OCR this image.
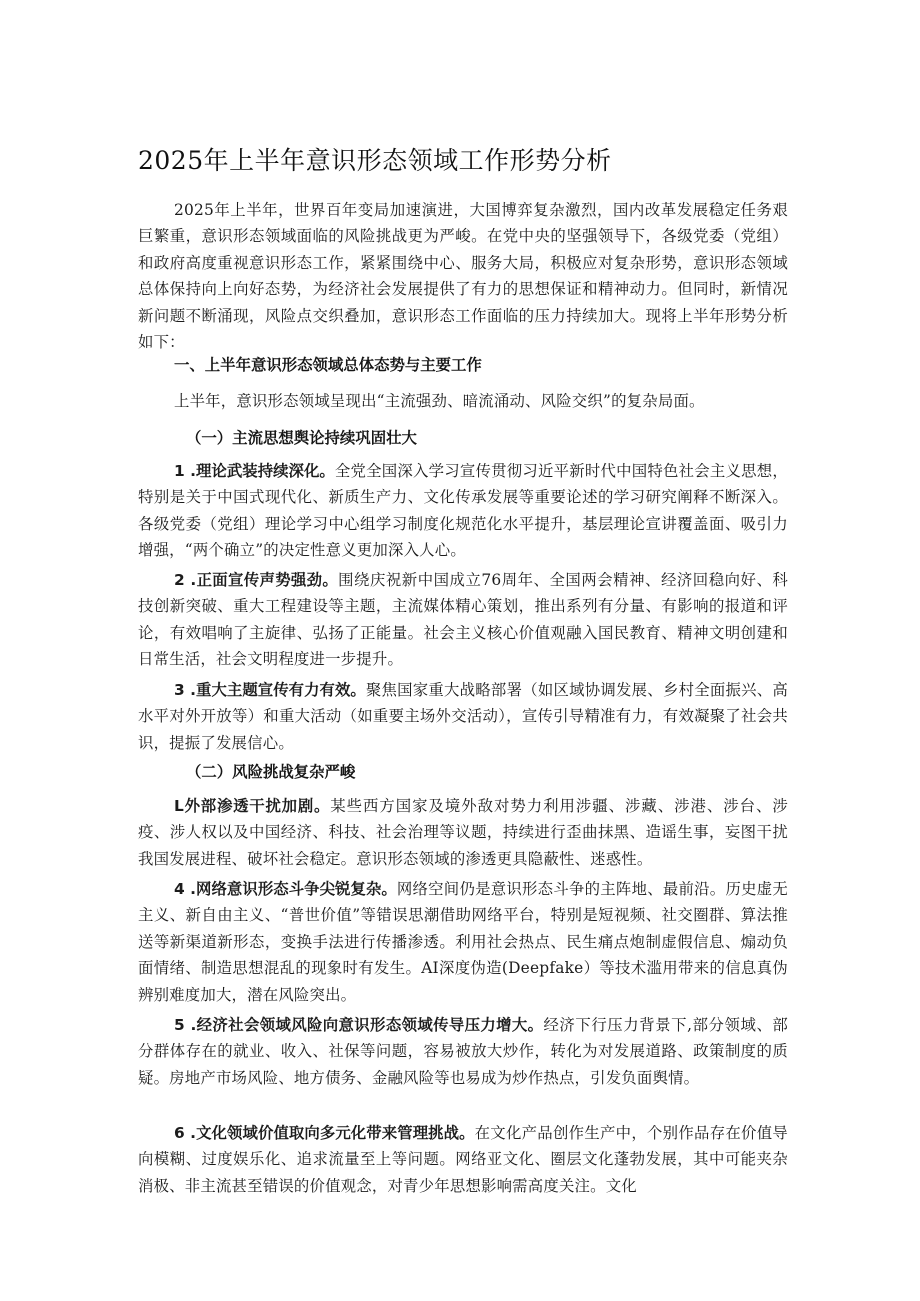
2025年上半年意识形态领域工作形势分析

2025年上半年，世界百年变局加速演进，大国博弈复杂激烈，国内改革发展稳定任务艰巨繁重，意识形态领域面临的风险挑战更为严峻。在党中央的坚强领导下，各级党委（党组）和政府高度重视意识形态工作，紧紧围绕中心、服务大局，积极应对复杂形势，意识形态领域总体保持向上向好态势，为经济社会发展提供了有力的思想保证和精神动力。但同时，新情况新问题不断涌现，风险点交织叠加，意识形态工作面临的压力持续加大。现将上半年形势分析如下：

一、上半年意识形态领域总体态势与主要工作

上半年，意识形态领域呈现出“主流强劲、暗流涌动、风险交织”的复杂局面。

（一）主流思想舆论持续巩固壮大

1 .理论武装持续深化。全党全国深入学习宣传贯彻习近平新时代中国特色社会主义思想，特别是关于中国式现代化、新质生产力、文化传承发展等重要论述的学习研究阐释不断深入。各级党委（党组）理论学习中心组学习制度化规范化水平提升，基层理论宣讲覆盖面、吸引力增强，“两个确立”的决定性意义更加深入人心。

2 .正面宣传声势强劲。围绕庆祝新中国成立76周年、全国两会精神、经济回稳向好、科技创新突破、重大工程建设等主题，主流媒体精心策划，推出系列有分量、有影响的报道和评论，有效唱响了主旋律、弘扬了正能量。社会主义核心价值观融入国民教育、精神文明创建和日常生活，社会文明程度进一步提升。

3 .重大主题宣传有力有效。聚焦国家重大战略部署（如区域协调发展、乡村全面振兴、高水平对外开放等）和重大活动（如重要主场外交活动），宣传引导精准有力，有效凝聚了社会共识，提振了发展信心。

（二）风险挑战复杂严峻

L外部渗透干扰加剧。某些西方国家及境外敌对势力利用涉疆、涉藏、涉港、涉台、涉疫、涉人权以及中国经济、科技、社会治理等议题，持续进行歪曲抹黑、造谣生事，妄图干扰我国发展进程、破坏社会稳定。意识形态领域的渗透更具隐蔽性、迷惑性。

4 .网络意识形态斗争尖锐复杂。网络空间仍是意识形态斗争的主阵地、最前沿。历史虚无主义、新自由主义、“普世价值”等错误思潮借助网络平台，特别是短视频、社交圈群、算法推送等新渠道新形态，变换手法进行传播渗透。利用社会热点、民生痛点炮制虚假信息、煽动负面情绪、制造思想混乱的现象时有发生。AI深度伪造(Deepfake）等技术滥用带来的信息真伪辨别难度加大，潜在风险突出。

5 .经济社会领域风险向意识形态领域传导压力增大。经济下行压力背景下,部分领域、部分群体存在的就业、收入、社保等问题，容易被放大炒作，转化为对发展道路、政策制度的质疑。房地产市场风险、地方债务、金融风险等也易成为炒作热点，引发负面舆情。

6 .文化领域价值取向多元化带来管理挑战。在文化产品创作生产中，个别作品存在价值导向模糊、过度娱乐化、追求流量至上等问题。网络亚文化、圈层文化蓬勃发展，其中可能夹杂消极、非主流甚至错误的价值观念，对青少年思想影响需高度关注。文化
